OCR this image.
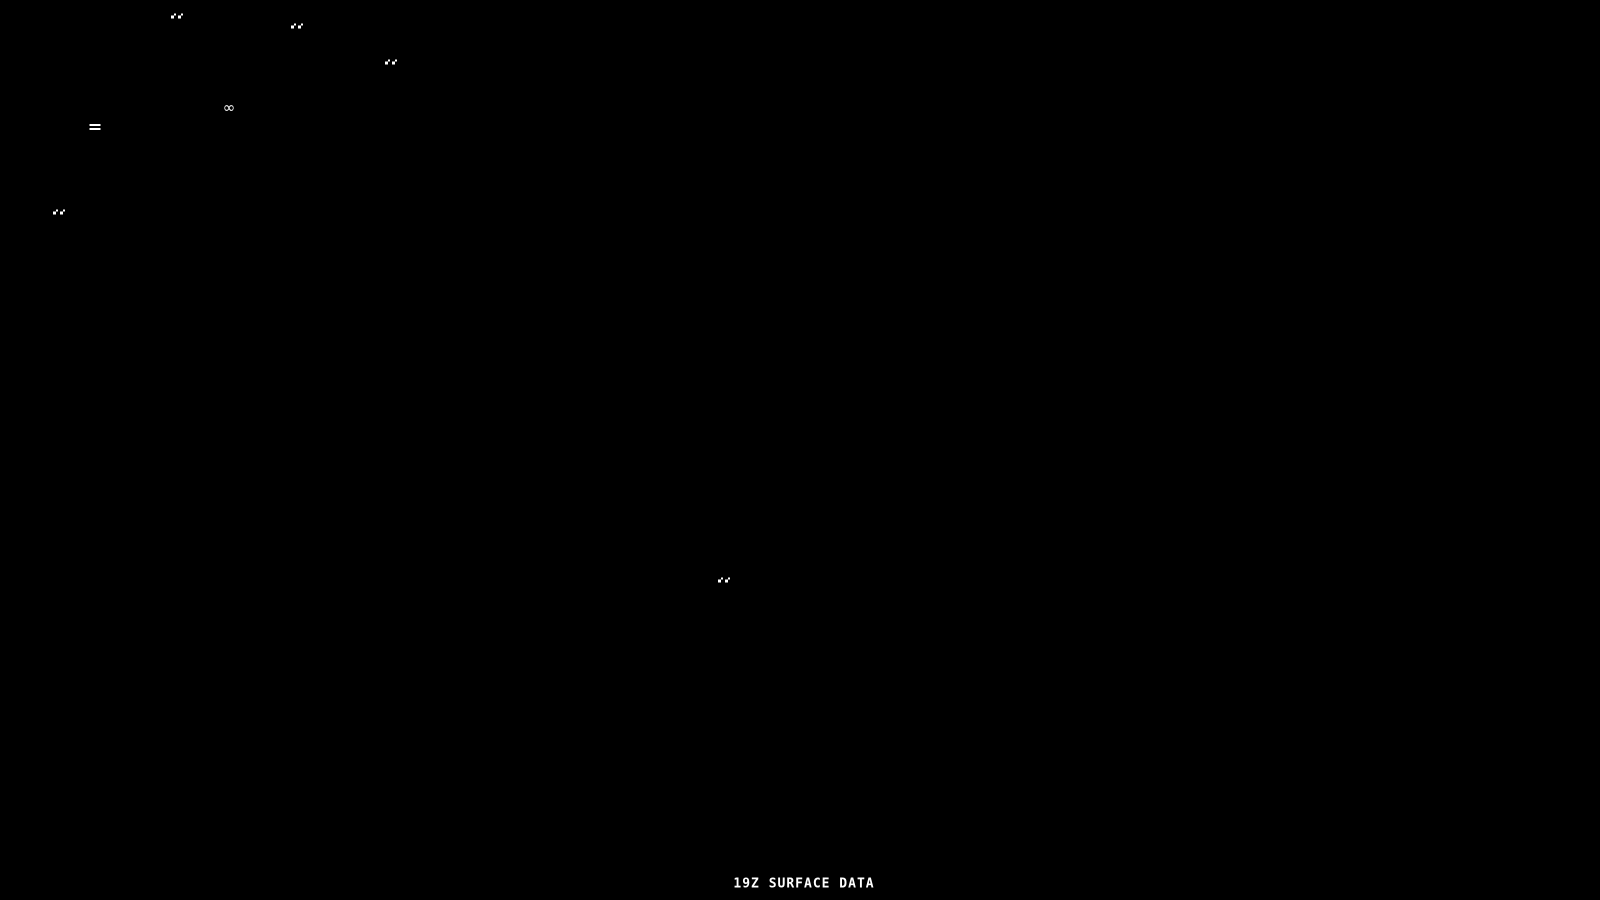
∞
19Z SURFACE DATA
